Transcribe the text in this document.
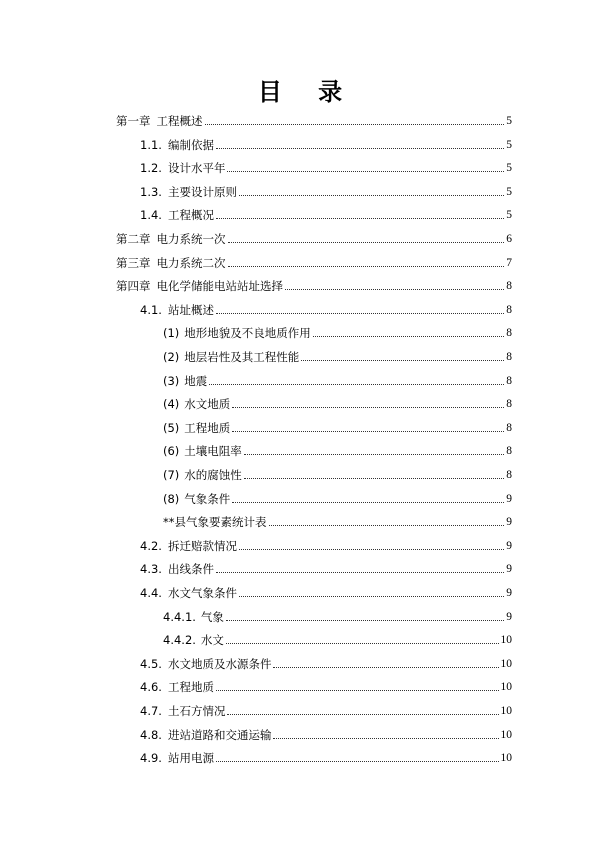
目 录
第一章 工程概述	5
1.1. 编制依据	5
1.2. 设计水平年	5
1.3. 主要设计原则	5
1.4. 工程概况	5
第二章 电力系统一次	6
第三章 电力系统二次	7
第四章 电化学储能电站站址选择	8
4.1. 站址概述	8
(1) 地形地貌及不良地质作用	8
(2) 地层岩性及其工程性能	8
(3) 地震	8
(4) 水文地质	8
(5) 工程地质	8
(6) 土壤电阻率	8
(7) 水的腐蚀性	8
(8) 气象条件	9
**县气象要素统计表	9
4.2. 拆迁赔款情况	9
4.3. 出线条件	9
4.4. 水文气象条件	9
4.4.1. 气象	9
4.4.2. 水文	10
4.5. 水文地质及水源条件	10
4.6. 工程地质	10
4.7. 土石方情况	10
4.8. 进站道路和交通运输	10
4.9. 站用电源	10
